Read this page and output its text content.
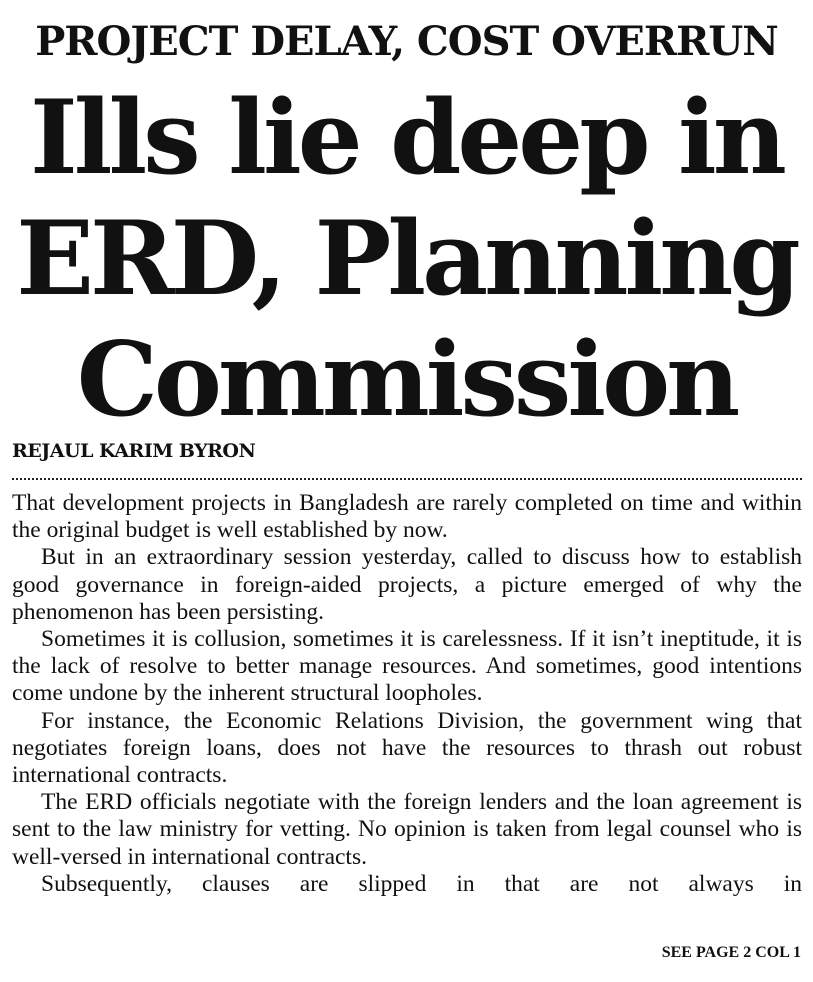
PROJECT DELAY, COST OVERRUN
Ills lie deep in
ERD, Planning
Commission
REJAUL KARIM BYRON

That development projects in Bangladesh are rarely completed on time and within the original budget is well established by now.

But in an extraordinary session yesterday, called to discuss how to establish good governance in foreign-aided projects, a picture emerged of why the phenomenon has been persisting.

Sometimes it is collusion, sometimes it is carelessness. If it isn’t ineptitude, it is the lack of resolve to better manage resources. And sometimes, good intentions come undone by the inherent structural loopholes.

For instance, the Economic Relations Division, the government wing that negotiates foreign loans, does not have the resources to thrash out robust international contracts.

The ERD officials negotiate with the foreign lenders and the loan agreement is sent to the law ministry for vetting. No opinion is taken from legal counsel who is well-versed in international contracts.

Subsequently, clauses are slipped in that are not always in

SEE PAGE 2 COL 1
